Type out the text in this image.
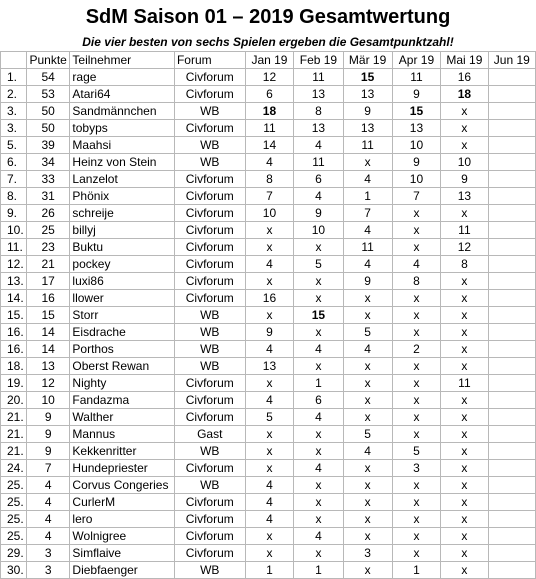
SdM Saison 01 – 2019 Gesamtwertung
Die vier besten von sechs Spielen ergeben die Gesamtpunktzahl!
	Punkte	Teilnehmer	Forum	Jan 19	Feb 19	Mär 19	Apr 19	Mai 19	Jun 19
1.	54	rage	Civforum	12	11	15	11	16	
2.	53	Atari64	Civforum	6	13	13	9	18	
3.	50	Sandmännchen	WB	18	8	9	15	x	
3.	50	tobyps	Civforum	11	13	13	13	x	
5.	39	Maahsi	WB	14	4	11	10	x	
6.	34	Heinz von Stein	WB	4	11	x	9	10	
7.	33	Lanzelot	Civforum	8	6	4	10	9	
8.	31	Phönix	Civforum	7	4	1	7	13	
9.	26	schreije	Civforum	10	9	7	x	x	
10.	25	billyj	Civforum	x	10	4	x	11	
11.	23	Buktu	Civforum	x	x	11	x	12	
12.	21	pockey	Civforum	4	5	4	4	8	
13.	17	luxi86	Civforum	x	x	9	8	x	
14.	16	llower	Civforum	16	x	x	x	x	
15.	15	Storr	WB	x	15	x	x	x	
16.	14	Eisdrache	WB	9	x	5	x	x	
16.	14	Porthos	WB	4	4	4	2	x	
18.	13	Oberst Rewan	WB	13	x	x	x	x	
19.	12	Nighty	Civforum	x	1	x	x	11	
20.	10	Fandazma	Civforum	4	6	x	x	x	
21.	9	Walther	Civforum	5	4	x	x	x	
21.	9	Mannus	Gast	x	x	5	x	x	
21.	9	Kekkenritter	WB	x	x	4	5	x	
24.	7	Hundepriester	Civforum	x	4	x	3	x	
25.	4	Corvus Congeries	WB	4	x	x	x	x	
25.	4	CurlerM	Civforum	4	x	x	x	x	
25.	4	lero	Civforum	4	x	x	x	x	
25.	4	Wolnigree	Civforum	x	4	x	x	x	
29.	3	Simflaive	Civforum	x	x	3	x	x	
30.	3	Diebfaenger	WB	1	1	x	1	x	
